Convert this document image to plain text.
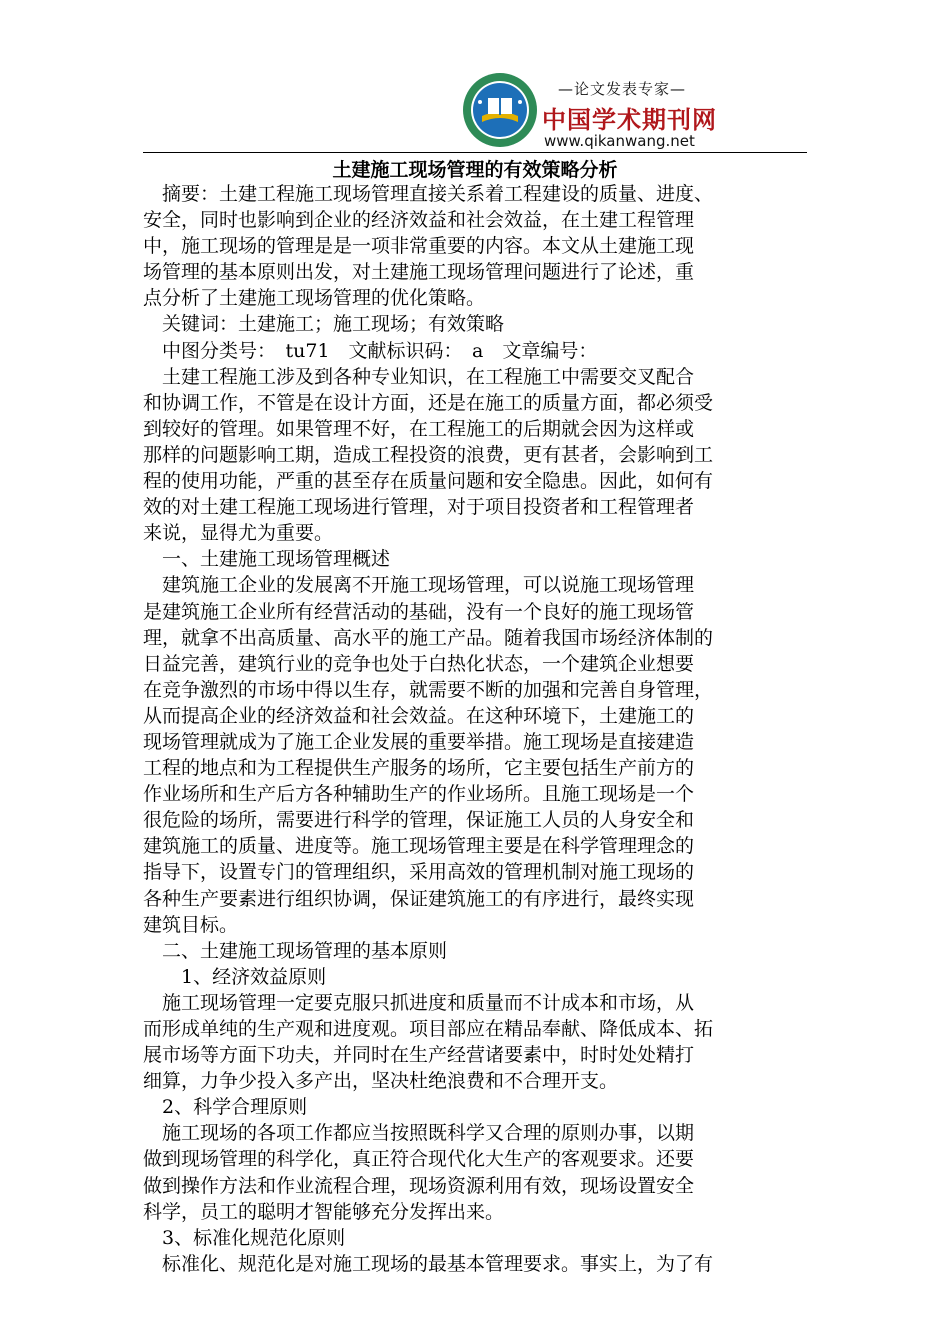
—论文发表专家—
中国学术期刊网
www.qikanwang.net
土建施工现场管理的有效策略分析
　摘要：土建工程施工现场管理直接关系着工程建设的质量、进度、
安全，同时也影响到企业的经济效益和社会效益，在土建工程管理
中，施工现场的管理是是一项非常重要的内容。本文从土建施工现
场管理的基本原则出发，对土建施工现场管理问题进行了论述，重
点分析了土建施工现场管理的优化策略。
　关键词：土建施工；施工现场；有效策略
　中图分类号：　tu71　文献标识码：　a　文章编号：
　土建工程施工涉及到各种专业知识，在工程施工中需要交叉配合
和协调工作，不管是在设计方面，还是在施工的质量方面，都必须受
到较好的管理。如果管理不好，在工程施工的后期就会因为这样或
那样的问题影响工期，造成工程投资的浪费，更有甚者，会影响到工
程的使用功能，严重的甚至存在质量问题和安全隐患。因此，如何有
效的对土建工程施工现场进行管理，对于项目投资者和工程管理者
来说，显得尤为重要。
　一、土建施工现场管理概述
　建筑施工企业的发展离不开施工现场管理，可以说施工现场管理
是建筑施工企业所有经营活动的基础，没有一个良好的施工现场管
理，就拿不出高质量、高水平的施工产品。随着我国市场经济体制的
日益完善，建筑行业的竞争也处于白热化状态，一个建筑企业想要
在竞争激烈的市场中得以生存，就需要不断的加强和完善自身管理，
从而提高企业的经济效益和社会效益。在这种环境下，土建施工的
现场管理就成为了施工企业发展的重要举措。施工现场是直接建造
工程的地点和为工程提供生产服务的场所，它主要包括生产前方的
作业场所和生产后方各种辅助生产的作业场所。且施工现场是一个
很危险的场所，需要进行科学的管理，保证施工人员的人身安全和
建筑施工的质量、进度等。施工现场管理主要是在科学管理理念的
指导下，设置专门的管理组织，采用高效的管理机制对施工现场的
各种生产要素进行组织协调，保证建筑施工的有序进行，最终实现
建筑目标。
　二、土建施工现场管理的基本原则
　　1、经济效益原则
　施工现场管理一定要克服只抓进度和质量而不计成本和市场，从
而形成单纯的生产观和进度观。项目部应在精品奉献、降低成本、拓
展市场等方面下功夫，并同时在生产经营诸要素中，时时处处精打
细算，力争少投入多产出，坚决杜绝浪费和不合理开支。
　2、科学合理原则
　施工现场的各项工作都应当按照既科学又合理的原则办事，以期
做到现场管理的科学化，真正符合现代化大生产的客观要求。还要
做到操作方法和作业流程合理，现场资源利用有效，现场设置安全
科学，员工的聪明才智能够充分发挥出来。
　3、标准化规范化原则
　标准化、规范化是对施工现场的最基本管理要求。事实上，为了有
